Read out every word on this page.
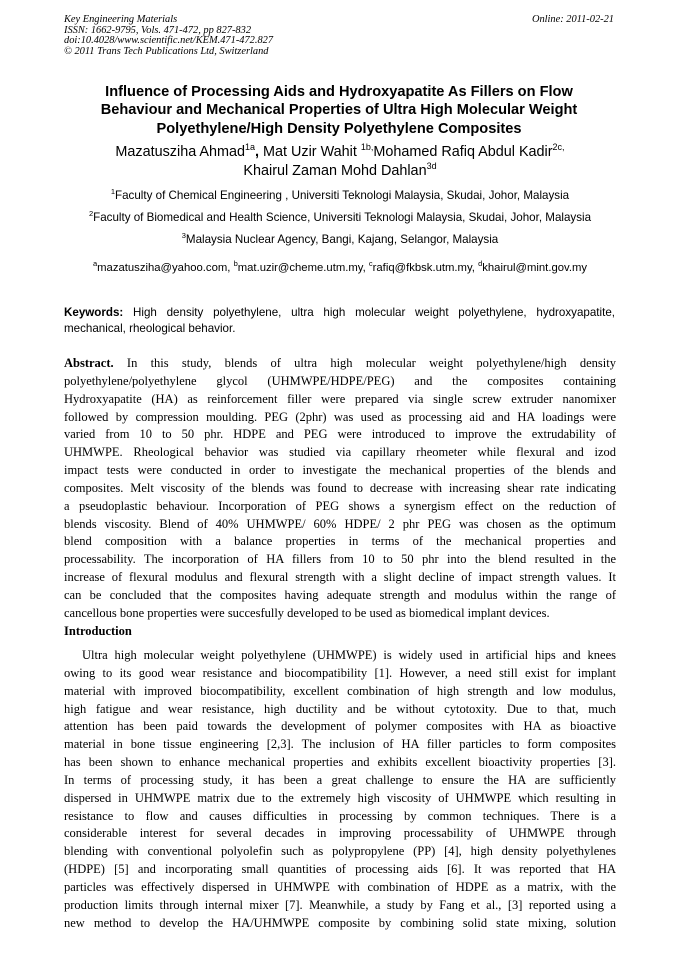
Key Engineering Materials
ISSN: 1662-9795, Vols. 471-472, pp 827-832
doi:10.4028/www.scientific.net/KEM.471-472.827
© 2011 Trans Tech Publications Ltd, Switzerland
Online: 2011-02-21
Influence of Processing Aids and Hydroxyapatite As Fillers on Flow
Behaviour and Mechanical Properties of Ultra High Molecular Weight
Polyethylene/High Density Polyethylene Composites
Mazatusziha Ahmad$^{1a}$, Mat Uzir Wahit $^{1b,}$Mohamed Rafiq Abdul Kadir$^{2c,}$
Khairul Zaman Mohd Dahlan$^{3d}$
$^1$Faculty of Chemical Engineering , Universiti Teknologi Malaysia, Skudai, Johor, Malaysia
$^2$Faculty of Biomedical and Health Science, Universiti Teknologi Malaysia, Skudai, Johor, Malaysia
$^3$Malaysia Nuclear Agency, Bangi, Kajang, Selangor, Malaysia
$^a$mazatusziha@yahoo.com, $^b$mat.uzir@cheme.utm.my, $^c$rafiq@fkbsk.utm.my, $^d$khairul@mint.gov.my
Keywords: High density polyethylene, ultra high molecular weight polyethylene, hydroxyapatite,
mechanical, rheological behavior.
Abstract. In this study, blends of ultra high molecular weight polyethylene/high density
polyethylene/polyethylene glycol (UHMWPE/HDPE/PEG) and the composites containing
Hydroxyapatite (HA) as reinforcement filler were prepared via single screw extruder nanomixer
followed by compression moulding. PEG (2phr) was used as processing aid and HA loadings were
varied from 10 to 50 phr. HDPE and PEG were introduced to improve the extrudability of
UHMWPE. Rheological behavior was studied via capillary rheometer while flexural and izod
impact tests were conducted in order to investigate the mechanical properties of the blends and
composites. Melt viscosity of the blends was found to decrease with increasing shear rate indicating
a pseudoplastic behaviour. Incorporation of PEG shows a synergism effect on the reduction of
blends viscosity. Blend of 40% UHMWPE/ 60% HDPE/ 2 phr PEG was chosen as the optimum
blend composition with a balance properties in terms of the mechanical properties and
processability. The incorporation of HA fillers from 10 to 50 phr into the blend resulted in the
increase of flexural modulus and flexural strength with a slight decline of impact strength values. It
can be concluded that the composites having adequate strength and modulus within the range of
cancellous bone properties were succesfully developed to be used as biomedical implant devices.
Introduction
Ultra high molecular weight polyethylene (UHMWPE) is widely used in artificial hips and knees
owing to its good wear resistance and biocompatibility [1]. However, a need still exist for implant
material with improved biocompatibility, excellent combination of high strength and low modulus,
high fatigue and wear resistance, high ductility and be without cytotoxity. Due to that, much
attention has been paid towards the development of polymer composites with HA as bioactive
material in bone tissue engineering [2,3]. The inclusion of HA filler particles to form composites
has been shown to enhance mechanical properties and exhibits excellent bioactivity properties [3].
In terms of processing study, it has been a great challenge to ensure the HA are sufficiently
dispersed in UHMWPE matrix due to the extremely high viscosity of UHMWPE which resulting in
resistance to flow and causes difficulties in processing by common techniques. There is a
considerable interest for several decades in improving processability of UHMWPE through
blending with conventional polyolefin such as polypropylene (PP) [4], high density polyethylenes
(HDPE) [5] and incorporating small quantities of processing aids [6]. It was reported that HA
particles was effectively dispersed in UHMWPE with combination of HDPE as a matrix, with the
production limits through internal mixer [7]. Meanwhile, a study by Fang et al., [3] reported using a
new method to develop the HA/UHMWPE composite by combining solid state mixing, solution
